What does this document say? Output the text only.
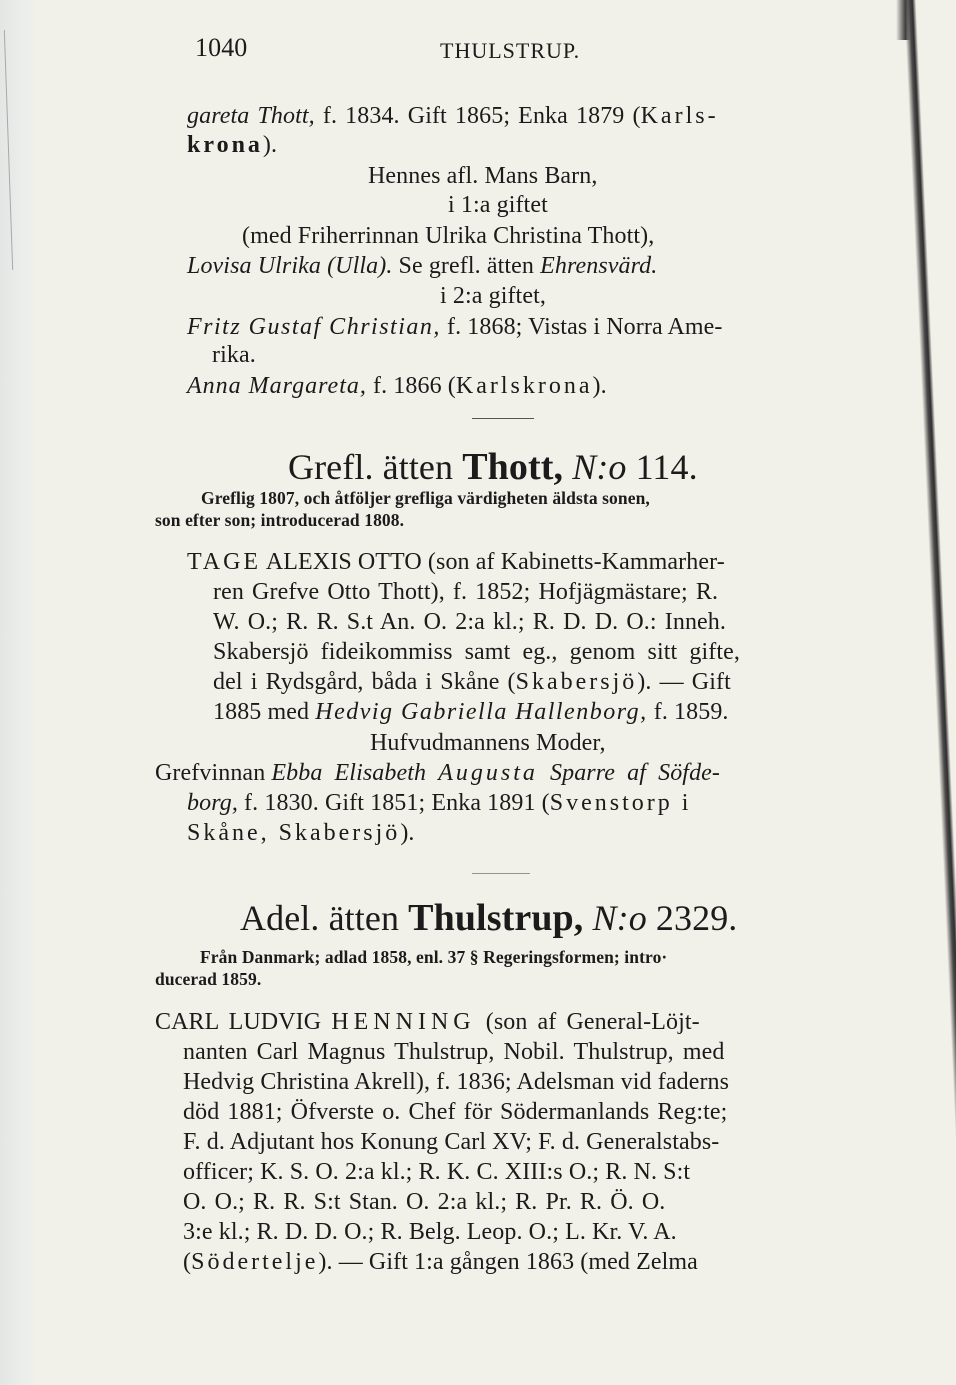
1040	THULSTRUP.
gareta Thott, f. 1834. Gift 1865; Enka 1879 (Karls-
krona).
Hennes afl. Mans Barn,
i 1:a giftet
(med Friherrinnan Ulrika Christina Thott),
Lovisa Ulrika (Ulla). Se grefl. ätten Ehrensvärd.
i 2:a giftet,
Fritz Gustaf Christian, f. 1868; Vistas i Norra Ame-
rika.
Anna Margareta, f. 1866 (Karlskrona).
Grefl. ätten Thott, N:o 114.
Greflig 1807, och åtföljer grefliga värdigheten äldsta sonen,
son efter son; introducerad 1808.
TAGE ALEXIS OTTO (son af Kabinetts-Kammarher-
ren Grefve Otto Thott), f. 1852; Hofjägmästare; R.
W. O.; R. R. S.t An. O. 2:a kl.; R. D. D. O.: Inneh.
Skabersjö fideikommiss samt eg., genom sitt gifte,
del i Rydsgård, båda i Skåne (Skabersjö). — Gift
1885 med Hedvig Gabriella Hallenborg, f. 1859.
Hufvudmannens Moder,
Grefvinnan Ebba Elisabeth Augusta Sparre af Söfde-
borg, f. 1830. Gift 1851; Enka 1891 (Svenstorp i
Skåne, Skabersjö).
Adel. ätten Thulstrup, N:o 2329.
Från Danmark; adlad 1858, enl. 37 § Regeringsformen; intro·
ducerad 1859.
CARL LUDVIG HENNING (son af General-Löjt-
nanten Carl Magnus Thulstrup, Nobil. Thulstrup, med
Hedvig Christina Akrell), f. 1836; Adelsman vid faderns
död 1881; Öfverste o. Chef för Södermanlands Reg:te;
F. d. Adjutant hos Konung Carl XV; F. d. Generalstabs-
officer; K. S. O. 2:a kl.; R. K. C. XIII:s O.; R. N. S:t
O. O.; R. R. S:t Stan. O. 2:a kl.; R. Pr. R. Ö. O.
3:e kl.; R. D. D. O.; R. Belg. Leop. O.; L. Kr. V. A.
(Södertelje). — Gift 1:a gången 1863 (med Zelma
